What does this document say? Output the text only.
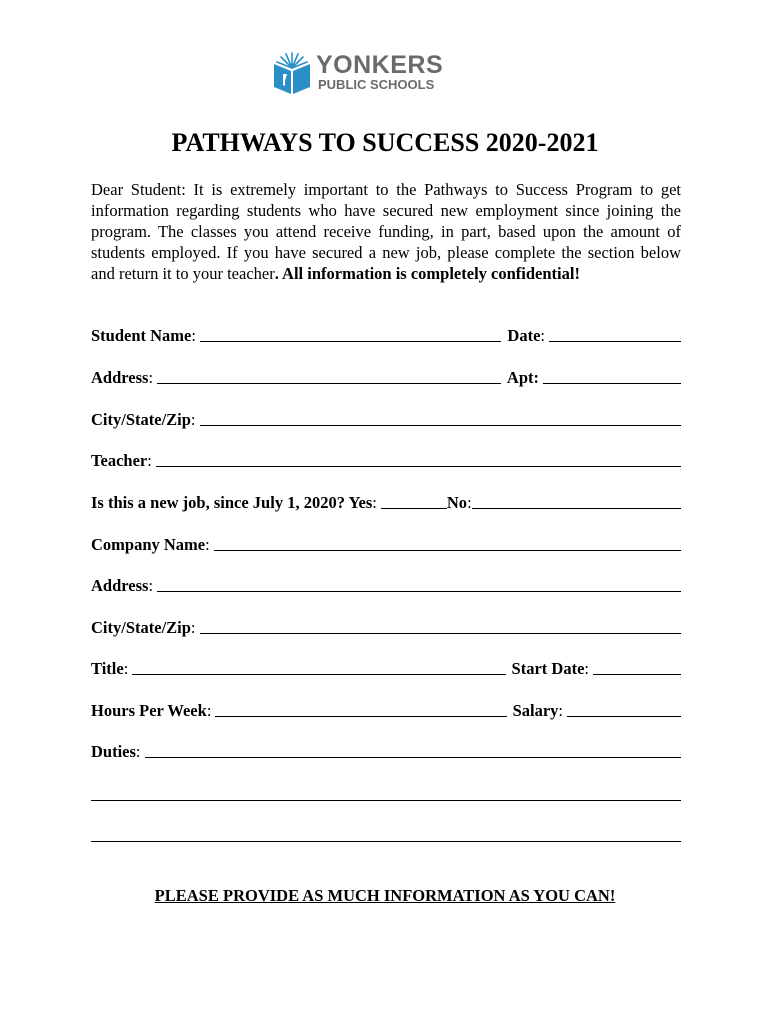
YONKERS
PUBLIC SCHOOLS
PATHWAYS TO SUCCESS 2020-2021
Dear Student: It is extremely important to the Pathways to Success Program to get information regarding students who have secured new employment since joining the program. The classes you attend receive funding, in part, based upon the amount of students employed. If you have secured a new job, please complete the section below and return it to your teacher. All information is completely confidential!
Student Name :	Date :
Address :	Apt:
City/State/Zip :
Teacher :
Is this a new job, since July 1, 2020? Yes :	No :
Company Name :
Address :
City/State/Zip :
Title :	Start Date :
Hours Per Week :	Salary :
Duties :
PLEASE PROVIDE AS MUCH INFORMATION AS YOU CAN!
